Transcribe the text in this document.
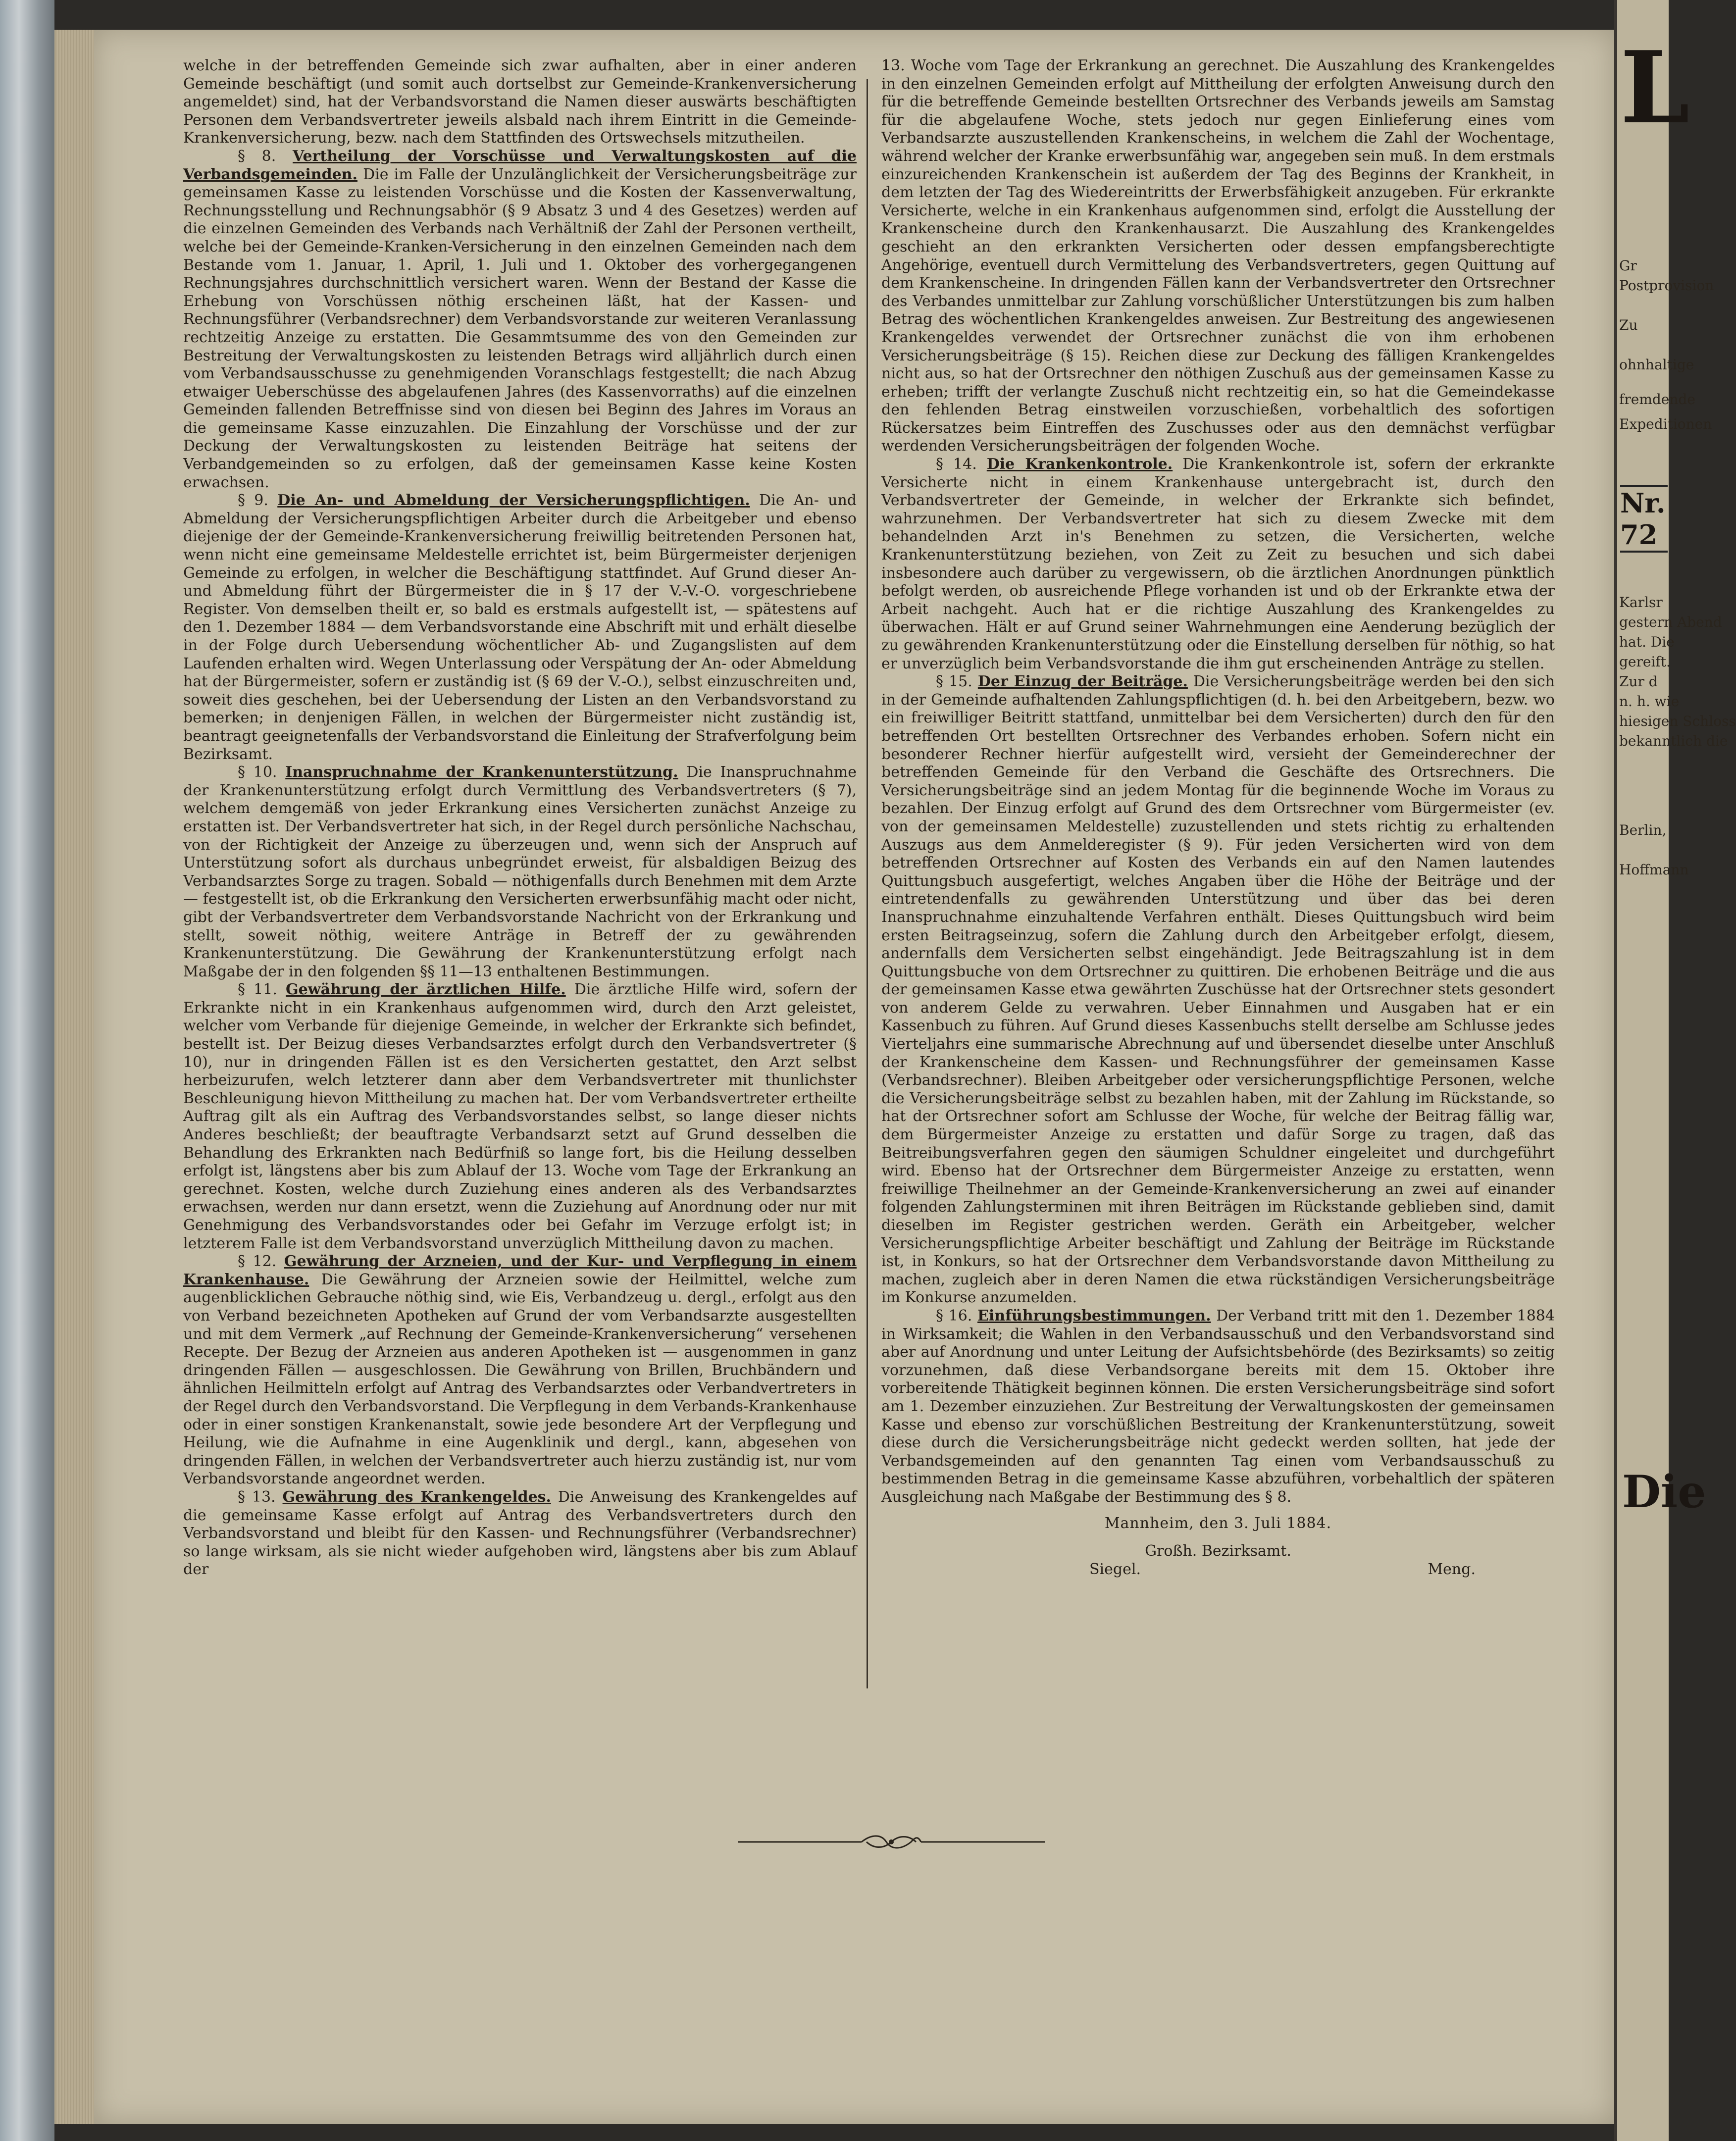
welche in der betreffenden Gemeinde sich zwar aufhalten, aber in einer anderen Gemeinde beschäftigt (und somit auch dortselbst zur Gemeinde-Krankenversicherung angemeldet) sind, hat der Verbandsvorstand die Namen dieser auswärts beschäftigten Personen dem Verbandsvertreter jeweils alsbald nach ihrem Eintritt in die Gemeinde-Krankenversicherung, bezw. nach dem Stattfinden des Ortswechsels mitzutheilen.

§ 8. Vertheilung der Vorschüsse und Verwaltungskosten auf die Verbandsgemeinden. Die im Falle der Unzulänglichkeit der Versicherungsbeiträge zur gemeinsamen Kasse zu leistenden Vorschüsse und die Kosten der Kassenverwaltung, Rechnungsstellung und Rechnungsabhör (§ 9 Absatz 3 und 4 des Gesetzes) werden auf die einzelnen Gemeinden des Verbands nach Verhältniß der Zahl der Personen vertheilt, welche bei der Gemeinde-Kranken-Versicherung in den einzelnen Gemeinden nach dem Bestande vom 1. Januar, 1. April, 1. Juli und 1. Oktober des vorhergegangenen Rechnungsjahres durchschnittlich versichert waren. Wenn der Bestand der Kasse die Erhebung von Vorschüssen nöthig erscheinen läßt, hat der Kassen- und Rechnungsführer (Verbandsrechner) dem Verbandsvorstande zur weiteren Veranlassung rechtzeitig Anzeige zu erstatten. Die Gesammtsumme des von den Gemeinden zur Bestreitung der Verwaltungskosten zu leistenden Betrags wird alljährlich durch einen vom Verbandsausschusse zu genehmigenden Voranschlags festgestellt; die nach Abzug etwaiger Ueberschüsse des abgelaufenen Jahres (des Kassenvorraths) auf die einzelnen Gemeinden fallenden Betreffnisse sind von diesen bei Beginn des Jahres im Voraus an die gemeinsame Kasse einzuzahlen. Die Einzahlung der Vorschüsse und der zur Deckung der Verwaltungskosten zu leistenden Beiträge hat seitens der Verbandgemeinden so zu erfolgen, daß der gemeinsamen Kasse keine Kosten erwachsen.

§ 9. Die An- und Abmeldung der Versicherungspflichtigen. Die An- und Abmeldung der Versicherungspflichtigen Arbeiter durch die Arbeitgeber und ebenso diejenige der der Gemeinde-Krankenversicherung freiwillig beitretenden Personen hat, wenn nicht eine gemeinsame Meldestelle errichtet ist, beim Bürgermeister derjenigen Gemeinde zu erfolgen, in welcher die Beschäftigung stattfindet. Auf Grund dieser An- und Abmeldung führt der Bürgermeister die in § 17 der V.-V.-O. vorgeschriebene Register. Von demselben theilt er, so bald es erstmals aufgestellt ist, — spätestens auf den 1. Dezember 1884 — dem Verbandsvorstande eine Abschrift mit und erhält dieselbe in der Folge durch Uebersendung wöchentlicher Ab- und Zugangslisten auf dem Laufenden erhalten wird. Wegen Unterlassung oder Verspätung der An- oder Abmeldung hat der Bürgermeister, sofern er zuständig ist (§ 69 der V.-O.), selbst einzuschreiten und, soweit dies geschehen, bei der Uebersendung der Listen an den Verbandsvorstand zu bemerken; in denjenigen Fällen, in welchen der Bürgermeister nicht zuständig ist, beantragt geeignetenfalls der Verbandsvorstand die Einleitung der Strafverfolgung beim Bezirksamt.

§ 10. Inanspruchnahme der Krankenunterstützung. Die Inanspruchnahme der Krankenunterstützung erfolgt durch Vermittlung des Verbandsvertreters (§ 7), welchem demgemäß von jeder Erkrankung eines Versicherten zunächst Anzeige zu erstatten ist. Der Verbandsvertreter hat sich, in der Regel durch persönliche Nachschau, von der Richtigkeit der Anzeige zu überzeugen und, wenn sich der Anspruch auf Unterstützung sofort als durchaus unbegründet erweist, für alsbaldigen Beizug des Verbandsarztes Sorge zu tragen. Sobald — nöthigenfalls durch Benehmen mit dem Arzte — festgestellt ist, ob die Erkrankung den Versicherten erwerbsunfähig macht oder nicht, gibt der Verbandsvertreter dem Verbandsvorstande Nachricht von der Erkrankung und stellt, soweit nöthig, weitere Anträge in Betreff der zu gewährenden Krankenunterstützung. Die Gewährung der Krankenunterstützung erfolgt nach Maßgabe der in den folgenden §§ 11—13 enthaltenen Bestimmungen.

§ 11. Gewährung der ärztlichen Hilfe. Die ärztliche Hilfe wird, sofern der Erkrankte nicht in ein Krankenhaus aufgenommen wird, durch den Arzt geleistet, welcher vom Verbande für diejenige Gemeinde, in welcher der Erkrankte sich befindet, bestellt ist. Der Beizug dieses Verbandsarztes erfolgt durch den Verbandsvertreter (§ 10), nur in dringenden Fällen ist es den Versicherten gestattet, den Arzt selbst herbeizurufen, welch letzterer dann aber dem Verbandsvertreter mit thunlichster Beschleunigung hievon Mittheilung zu machen hat. Der vom Verbandsvertreter ertheilte Auftrag gilt als ein Auftrag des Verbandsvorstandes selbst, so lange dieser nichts Anderes beschließt; der beauftragte Verbandsarzt setzt auf Grund desselben die Behandlung des Erkrankten nach Bedürfniß so lange fort, bis die Heilung desselben erfolgt ist, längstens aber bis zum Ablauf der 13. Woche vom Tage der Erkrankung an gerechnet. Kosten, welche durch Zuziehung eines anderen als des Verbandsarztes erwachsen, werden nur dann ersetzt, wenn die Zuziehung auf Anordnung oder nur mit Genehmigung des Verbandsvorstandes oder bei Gefahr im Verzuge erfolgt ist; in letzterem Falle ist dem Verbandsvorstand unverzüglich Mittheilung davon zu machen.

§ 12. Gewährung der Arzneien, und der Kur- und Verpflegung in einem Krankenhause. Die Gewährung der Arzneien sowie der Heilmittel, welche zum augenblicklichen Gebrauche nöthig sind, wie Eis, Verbandzeug u. dergl., erfolgt aus den von Verband bezeichneten Apotheken auf Grund der vom Verbandsarzte ausgestellten und mit dem Vermerk „auf Rechnung der Gemeinde-Krankenversicherung“ versehenen Recepte. Der Bezug der Arzneien aus anderen Apotheken ist — ausgenommen in ganz dringenden Fällen — ausgeschlossen. Die Gewährung von Brillen, Bruchbändern und ähnlichen Heilmitteln erfolgt auf Antrag des Verbandsarztes oder Verbandvertreters in der Regel durch den Verbandsvorstand. Die Verpflegung in dem Verbands-Krankenhause oder in einer sonstigen Krankenanstalt, sowie jede besondere Art der Verpflegung und Heilung, wie die Aufnahme in eine Augenklinik und dergl., kann, abgesehen von dringenden Fällen, in welchen der Verbandsvertreter auch hierzu zuständig ist, nur vom Verbandsvorstande angeordnet werden.

§ 13. Gewährung des Krankengeldes. Die Anweisung des Krankengeldes auf die gemeinsame Kasse erfolgt auf Antrag des Verbandsvertreters durch den Verbandsvorstand und bleibt für den Kassen- und Rechnungsführer (Verbandsrechner) so lange wirksam, als sie nicht wieder aufgehoben wird, längstens aber bis zum Ablauf der

13. Woche vom Tage der Erkrankung an gerechnet. Die Auszahlung des Krankengeldes in den einzelnen Gemeinden erfolgt auf Mittheilung der erfolgten Anweisung durch den für die betreffende Gemeinde bestellten Ortsrechner des Verbands jeweils am Samstag für die abgelaufene Woche, stets jedoch nur gegen Einlieferung eines vom Verbandsarzte auszustellenden Krankenscheins, in welchem die Zahl der Wochentage, während welcher der Kranke erwerbsunfähig war, angegeben sein muß. In dem erstmals einzureichenden Krankenschein ist außerdem der Tag des Beginns der Krankheit, in dem letzten der Tag des Wiedereintritts der Erwerbsfähigkeit anzugeben. Für erkrankte Versicherte, welche in ein Krankenhaus aufgenommen sind, erfolgt die Ausstellung der Krankenscheine durch den Krankenhausarzt. Die Auszahlung des Krankengeldes geschieht an den erkrankten Versicherten oder dessen empfangsberechtigte Angehörige, eventuell durch Vermittelung des Verbandsvertreters, gegen Quittung auf dem Krankenscheine. In dringenden Fällen kann der Verbandsvertreter den Ortsrechner des Verbandes unmittelbar zur Zahlung vorschüßlicher Unterstützungen bis zum halben Betrag des wöchentlichen Krankengeldes anweisen. Zur Bestreitung des angewiesenen Krankengeldes verwendet der Ortsrechner zunächst die von ihm erhobenen Versicherungsbeiträge (§ 15). Reichen diese zur Deckung des fälligen Krankengeldes nicht aus, so hat der Ortsrechner den nöthigen Zuschuß aus der gemeinsamen Kasse zu erheben; trifft der verlangte Zuschuß nicht rechtzeitig ein, so hat die Gemeindekasse den fehlenden Betrag einstweilen vorzuschießen, vorbehaltlich des sofortigen Rückersatzes beim Eintreffen des Zuschusses oder aus den demnächst verfügbar werdenden Versicherungsbeiträgen der folgenden Woche.

§ 14. Die Krankenkontrole. Die Krankenkontrole ist, sofern der erkrankte Versicherte nicht in einem Krankenhause untergebracht ist, durch den Verbandsvertreter der Gemeinde, in welcher der Erkrankte sich befindet, wahrzunehmen. Der Verbandsvertreter hat sich zu diesem Zwecke mit dem behandelnden Arzt in's Benehmen zu setzen, die Versicherten, welche Krankenunterstützung beziehen, von Zeit zu Zeit zu besuchen und sich dabei insbesondere auch darüber zu vergewissern, ob die ärztlichen Anordnungen pünktlich befolgt werden, ob ausreichende Pflege vorhanden ist und ob der Erkrankte etwa der Arbeit nachgeht. Auch hat er die richtige Auszahlung des Krankengeldes zu überwachen. Hält er auf Grund seiner Wahrnehmungen eine Aenderung bezüglich der zu gewährenden Krankenunterstützung oder die Einstellung derselben für nöthig, so hat er unverzüglich beim Verbandsvorstande die ihm gut erscheinenden Anträge zu stellen.

§ 15. Der Einzug der Beiträge. Die Versicherungsbeiträge werden bei den sich in der Gemeinde aufhaltenden Zahlungspflichtigen (d. h. bei den Arbeitgebern, bezw. wo ein freiwilliger Beitritt stattfand, unmittelbar bei dem Versicherten) durch den für den betreffenden Ort bestellten Ortsrechner des Verbandes erhoben. Sofern nicht ein besonderer Rechner hierfür aufgestellt wird, versieht der Gemeinderechner der betreffenden Gemeinde für den Verband die Geschäfte des Ortsrechners. Die Versicherungsbeiträge sind an jedem Montag für die beginnende Woche im Voraus zu bezahlen. Der Einzug erfolgt auf Grund des dem Ortsrechner vom Bürgermeister (ev. von der gemeinsamen Meldestelle) zuzustellenden und stets richtig zu erhaltenden Auszugs aus dem Anmelderegister (§ 9). Für jeden Versicherten wird von dem betreffenden Ortsrechner auf Kosten des Verbands ein auf den Namen lautendes Quittungsbuch ausgefertigt, welches Angaben über die Höhe der Beiträge und der eintretendenfalls zu gewährenden Unterstützung und über das bei deren Inanspruchnahme einzuhaltende Verfahren enthält. Dieses Quittungsbuch wird beim ersten Beitragseinzug, sofern die Zahlung durch den Arbeitgeber erfolgt, diesem, andernfalls dem Versicherten selbst eingehändigt. Jede Beitragszahlung ist in dem Quittungsbuche von dem Ortsrechner zu quittiren. Die erhobenen Beiträge und die aus der gemeinsamen Kasse etwa gewährten Zuschüsse hat der Ortsrechner stets gesondert von anderem Gelde zu verwahren. Ueber Einnahmen und Ausgaben hat er ein Kassenbuch zu führen. Auf Grund dieses Kassenbuchs stellt derselbe am Schlusse jedes Vierteljahrs eine summarische Abrechnung auf und übersendet dieselbe unter Anschluß der Krankenscheine dem Kassen- und Rechnungsführer der gemeinsamen Kasse (Verbandsrechner). Bleiben Arbeitgeber oder versicherungspflichtige Personen, welche die Versicherungsbeiträge selbst zu bezahlen haben, mit der Zahlung im Rückstande, so hat der Ortsrechner sofort am Schlusse der Woche, für welche der Beitrag fällig war, dem Bürgermeister Anzeige zu erstatten und dafür Sorge zu tragen, daß das Beitreibungsverfahren gegen den säumigen Schuldner eingeleitet und durchgeführt wird. Ebenso hat der Ortsrechner dem Bürgermeister Anzeige zu erstatten, wenn freiwillige Theilnehmer an der Gemeinde-Krankenversicherung an zwei auf einander folgenden Zahlungsterminen mit ihren Beiträgen im Rückstande geblieben sind, damit dieselben im Register gestrichen werden. Geräth ein Arbeitgeber, welcher Versicherungspflichtige Arbeiter beschäftigt und Zahlung der Beiträge im Rückstande ist, in Konkurs, so hat der Ortsrechner dem Verbandsvorstande davon Mittheilung zu machen, zugleich aber in deren Namen die etwa rückständigen Versicherungsbeiträge im Konkurse anzumelden.

§ 16. Einführungsbestimmungen. Der Verband tritt mit den 1. Dezember 1884 in Wirksamkeit; die Wahlen in den Verbandsausschuß und den Verbandsvorstand sind aber auf Anordnung und unter Leitung der Aufsichtsbehörde (des Bezirksamts) so zeitig vorzunehmen, daß diese Verbandsorgane bereits mit dem 15. Oktober ihre vorbereitende Thätigkeit beginnen können. Die ersten Versicherungsbeiträge sind sofort am 1. Dezember einzuziehen. Zur Bestreitung der Verwaltungskosten der gemeinsamen Kasse und ebenso zur vorschüßlichen Bestreitung der Krankenunterstützung, soweit diese durch die Versicherungsbeiträge nicht gedeckt werden sollten, hat jede der Verbandsgemeinden auf den genannten Tag einen vom Verbandsausschuß zu bestimmenden Betrag in die gemeinsame Kasse abzuführen, vorbehaltlich der späteren Ausgleichung nach Maßgabe der Bestimmung des § 8.

Mannheim, den 3. Juli 1884.

Großh. Bezirksamt.

Siegel.	Meng.
L
Gr
Postprovision
Zu
ohnhaltige
fremdende
Expeditionen
Nr. 72
Karlsr
gestern Abend
hat. Die
gereift.
Zur d
n. h. wie
hiesigen Schloss
bekanntlich die
Berlin,
Hoffmann
Die
